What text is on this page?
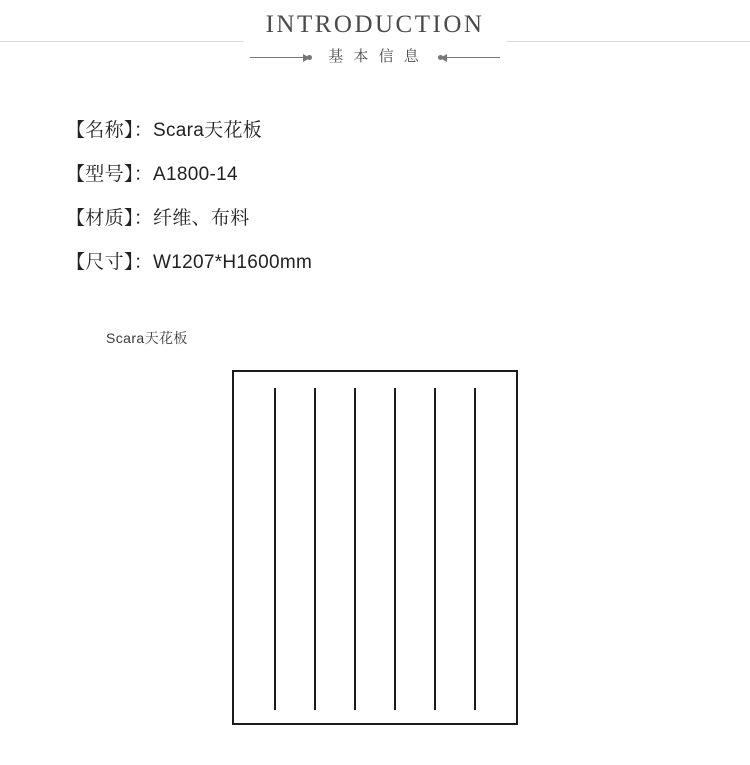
INTRODUCTION
基 本 信 息
【名称】：Scara天花板
【型号】：A1800-14
【材质】：纤维、布料
【尺寸】：W1207*H1600mm
Scara天花板
